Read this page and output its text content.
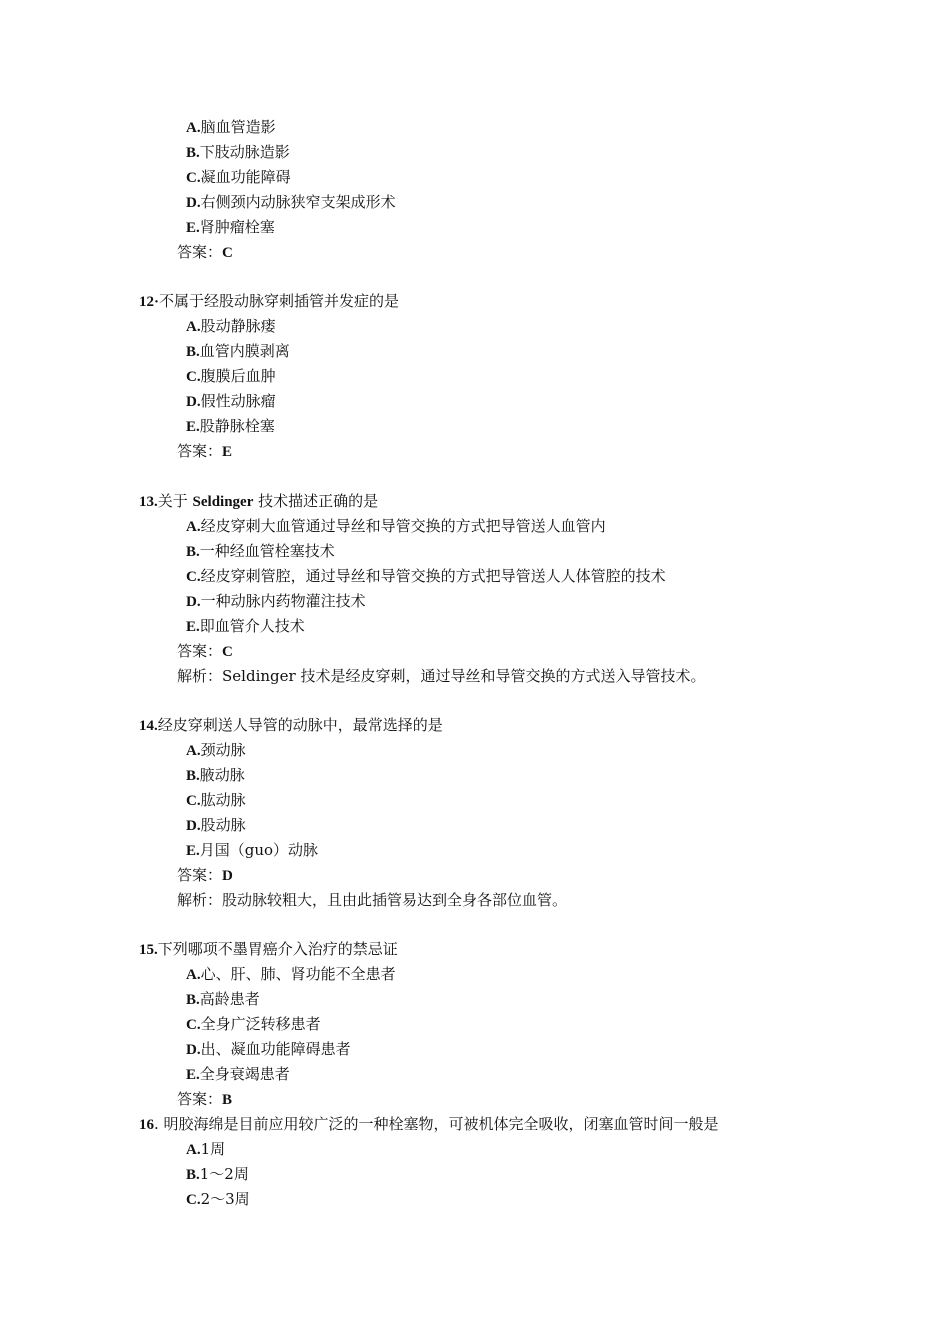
A.脑血管造影
B.下肢动脉造影
C.凝血功能障碍
D.右侧颈内动脉狭窄支架成形术
E.肾肿瘤栓塞
答案：C
12·不属于经股动脉穿刺插管并发症的是
A.股动静脉瘘
B.血管内膜剥离
C.腹膜后血肿
D.假性动脉瘤
E.股静脉栓塞
答案：E
13.关于 Seldinger 技术描述正确的是
A.经皮穿刺大血管通过导丝和导管交换的方式把导管送人血管内
B.一种经血管栓塞技术
C.经皮穿刺管腔，通过导丝和导管交换的方式把导管送人人体管腔的技术
D.一种动脉内药物灌注技术
E.即血管介人技术
答案：C
解析：Seldinger 技术是经皮穿刺，通过导丝和导管交换的方式送入导管技术。
14.经皮穿刺送人导管的动脉中，最常选择的是
A.颈动脉
B.腋动脉
C.肱动脉
D.股动脉
E.月国（guo）动脉
答案：D
解析：股动脉较粗大，且由此插管易达到全身各部位血管。
15.下列哪项不墨胃癌介入治疗的禁忌证
A.心、肝、肺、肾功能不全患者
B.高龄患者
C.全身广泛转移患者
D.出、凝血功能障碍患者
E.全身衰竭患者
答案：B
16. 明胶海绵是目前应用较广泛的一种栓塞物，可被机体完全吸收，闭塞血管时间一般是
A.1周
B.1～2周
C.2～3周
